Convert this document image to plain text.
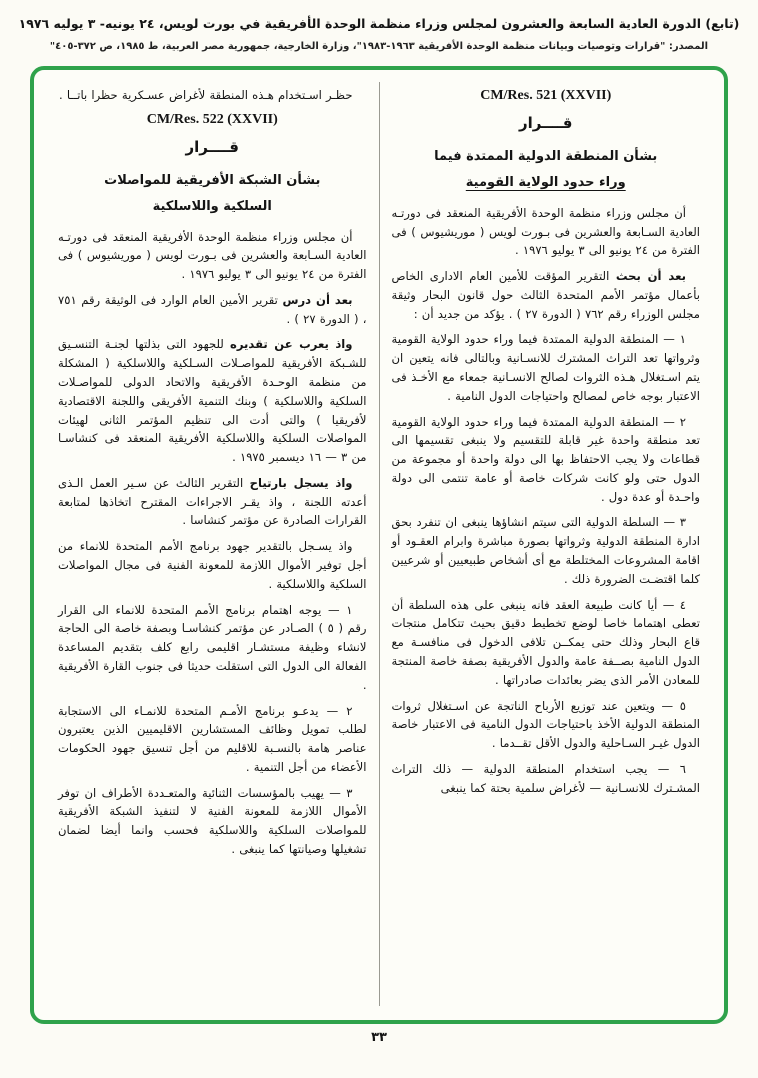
(تابع) الدورة العادية السابعة والعشرون لمجلس وزراء منظمة الوحدة الأفريقية في بورت لويس، ٢٤ يونيه- ٣ يوليه ١٩٧٦
المصدر: "قرارات وتوصيات وبيانات منظمة الوحدة الأفريقية ١٩٦٣-١٩٨٣"، وزارة الخارجية، جمهورية مصر العربية، ط ١٩٨٥، ص ٣٧٢-٤٠٥"
CM/Res. 521 (XXVII)
قــــرار
بشأن المنطقة الدولية الممتدة فيما
وراء حدود الولاية القومية

أن مجلس وزراء منظمة الوحدة الأفريقية المنعقد فى دورتـه العادية السـابعة والعشرين فى بـورت لويس ( موريشيوس ) فى الفترة من ٢٤ يونيو الى ٣ يوليو ١٩٧٦ .

بعد أن بحث التقرير المؤقت للأمين العام الادارى الخاص بأعمال مؤتمر الأمم المتحدة الثالث حول قانون البحار وثيقة مجلس الوزراء رقم ٧٦٢ ( الدورة ٢٧ ) . يؤكد من جديد أن :

١ — المنطقة الدولية الممتدة فيما وراء حدود الولاية القومية وثرواتها تعد التراث المشترك للانسـانية وبالتالى فانه يتعين ان يتم اسـتغلال هـذه الثروات لصالح الانسـانية جمعاء مع الأخـذ فى الاعتبار بوجه خاص لمصالح واحتياجات الدول النامية .

٢ — المنطقة الدولية الممتدة فيما وراء حدود الولاية القومية تعد منطقة واحدة غير قابلة للتقسيم ولا ينبغى تقسيمها الى قطاعات ولا يجب الاحتفاظ بها الى دولة واحدة أو مجموعة من الدول حتى ولو كانت شركات خاصة أو عامة تنتمى الى دولة واحـدة أو عدة دول .

٣ — السلطة الدولية التى سيتم انشاؤها ينبغى ان تنفرد بحق ادارة المنطقة الدولية وثرواتها بصورة مباشرة وابرام العقـود أو اقامة المشروعات المختلطة مع أى أشخاص طبيعيين أو شرعيين كلما اقتضـت الضرورة ذلك .

٤ — أيا كانت طبيعة العقد فانه ينبغى على هذه السلطة أن تعطى اهتماما خاصا لوضع تخطيط دقيق بحيث تتكامل منتجات قاع البحار وذلك حتى يمكــن تلافى الدخول فى منافسـة مع الدول النامية بصــفة عامة والدول الأفريقية بصفة خاصة المنتجة للمعادن الأمر الذى يضر بعائدات صادراتها .

٥ — ويتعين عند توزيع الأرباح الناتجة عن اسـتغلال ثروات المنطقة الدولية الأخذ باحتياجات الدول النامية فى الاعتبار خاصة الدول غيـر السـاحلية والدول الأقل تقــدما .

٦ — يجب استخدام المنطقة الدولية — ذلك التراث المشـترك للانسـانية — لأغراض سلمية بحتة كما ينبغى

حظـر اسـتخدام هـذه المنطقة لأغراض عسـكرية حظرا باتــا .

CM/Res. 522 (XXVII)
قــــرار
بشأن الشبكة الأفريقية للمواصلات
السلكية واللاسلكية

أن مجلس وزراء منظمة الوحدة الأفريقية المنعقد فى دورتـه العادية السـابعة والعشرين فى بـورت لويس ( موريشيوس ) فى الفترة من ٢٤ يونيو الى ٣ يوليو ١٩٧٦ .

بعد أن درس تقرير الأمين العام الوارد فى الوثيقة رقم ٧٥١ ، ( الدورة ٢٧ ) .

واذ يعرب عن تقديره للجهود التى بذلتها لجنـة التنسـيق للشـبكة الأفريقية للمواصـلات السـلكية واللاسلكية ( المشكلة من منظمة الوحـدة الأفريقية والاتحاد الدولى للمواصـلات السلكية واللاسلكية ) وبنك التنمية الأفريقى واللجنة الاقتصادية لأفريقيا ) والتى أدت الى تنظيم المؤتمر الثانى لهيئات المواصلات السلكية واللاسلكية الأفريقية المنعقد فى كنشاسـا من ٣ — ١٦ ديسمبر ١٩٧٥ .

واذ يسجل بارتياح التقرير الثالث عن سـير العمل الـذى أعدته اللجنة ، واذ يقـر الاجراءات المقترح اتخاذها لمتابعة القرارات الصادرة عن مؤتمر كنشاسا .

واذ يسـجل بالتقدير جهود برنامج الأمم المتحدة للانماء من أجل توفير الأموال اللازمة للمعونة الفنية فى مجال المواصلات السلكية واللاسلكية .

١ — يوجه اهتمام برنامج الأمم المتحدة للانماء الى القرار رقم ( ٥ ) الصـادر عن مؤتمر كنشاسـا وبصفة خاصة الى الحاجة لانشاء وظيفة مستشـار اقليمى رابع كلف بتقديم المساعدة الفعالة الى الدول التى استقلت حديثا فى جنوب القارة الأفريقية .

٢ — يدعـو برنامج الأمـم المتحدة للانمـاء الى الاستجابة لطلب تمويل وظائف المستشارين الاقليميين الذين يعتبرون عناصر هامة بالنسـبة للاقليم من أجل تنسيق جهود الحكومات الأعضاء من أجل التنمية .

٣ — يهيب بالمؤسسات الثنائية والمتعـددة الأطراف ان توفر الأموال اللازمة للمعونة الفنية لا لتنفيذ الشبكة الأفريقية للمواصلات السلكية واللاسلكية فحسب وانما أيضا لضمان تشغيلها وصيانتها كما ينبغى .

٣٣
